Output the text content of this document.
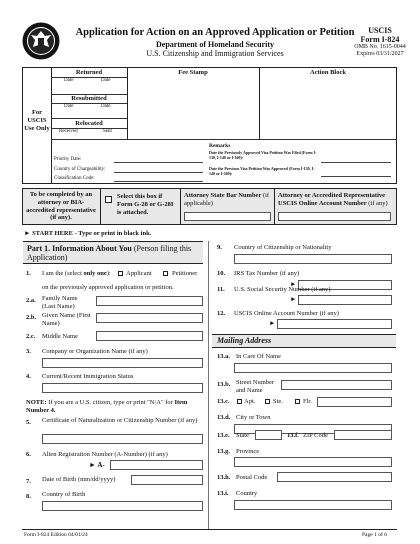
Application for Action on an Approved Application or Petition
Department of Homeland Security
U.S. Citizenship and Immigration Services
USCIS
Form I-824
OMB No. 1615-0044
Expires 03/31/2027
For USCIS Use Only
Returned
Date	Date
Resubmitted
Date	Date
Relocated
Received	Sent
Fee Stamp	Action Block
Priority Date:
Country of Chargeability:
Classification Code:
Remarks
Date the Previously Approved Visa Petition Was Filed (Form I-130, I-140 or I-360):
Date the Previous Visa Petition Was Approved (Form I-130, I-140 or I-360):
To be completed by an attorney or BIA-accredited representative (if any).
Select this box if Form G-28 or G-28I is attached.
Attorney State Bar Number (if applicable)
Attorney or Accredited Representative USCIS Online Account Number (if any)
► START HERE - Type or print in black ink.
Part 1. Information About You (Person filing this Application)
1. I am the (select only one): Applicant	Petitioner
on the previously approved application or petition.
2.a. Family Name (Last Name)
2.b. Given Name (First Name)
2.c. Middle Name
3. Company or Organization Name (if any)
4. Current/Recent Immigration Status
NOTE: If you are a U.S. citizen, type or print "N/A" for Item Number 4.
5. Certificate of Naturalization or Citizenship Number (if any)
6. Alien Registration Number (A-Number) (if any)
► A-
7. Date of Birth (mm/dd/yyyy)
8. Country of Birth
9. Country of Citizenship or Nationality
10. IRS Tax Number (if any)
►
11. U.S. Social Security Number (if any)
►
12. USCIS Online Account Number (if any)
►
Mailing Address
13.a. In Care Of Name
13.b. Street Number and Name
13.c. Apt.	Ste.	Flr.
13.d. City or Town
13.e. State	13.f. ZIP Code
13.g. Province
13.h. Postal Code
13.i. Country
Form I-824 Edition 04/01/24	Page 1 of 6
